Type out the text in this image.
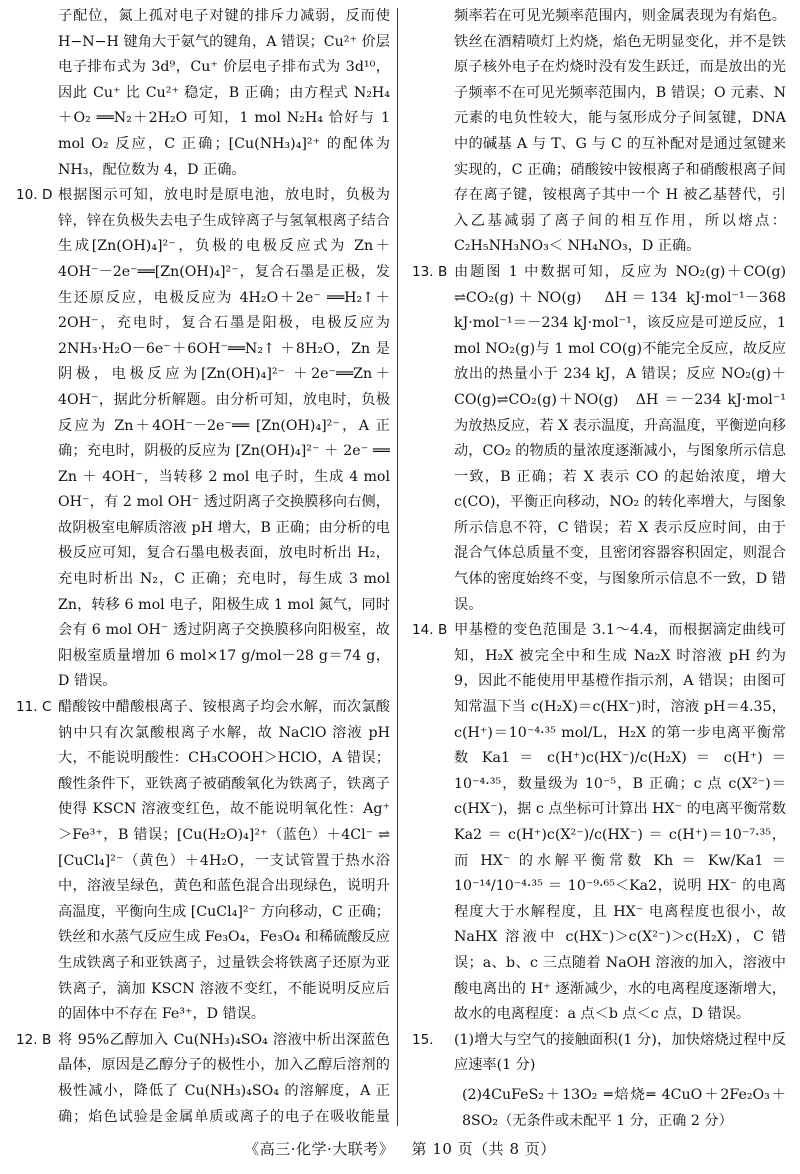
子配位，氮上孤对电子对键的排斥力减弱，反而使 H−N−H 键角大于氨气的键角，A 错误；Cu²⁺ 价层电子排布式为 3d⁹，Cu⁺ 价层电子排布式为 3d¹⁰，因此 Cu⁺ 比 Cu²⁺ 稳定，B 正确；由方程式 N₂H₄＋O₂ ══N₂＋2H₂O 可知，1 mol N₂H₄ 恰好与 1 mol O₂ 反应，C 正确；[Cu(NH₃)₄]²⁺ 的配体为 NH₃，配位数为 4，D 正确。

10. D 根据图示可知，放电时是原电池，放电时，负极为锌，锌在负极失去电子生成锌离子与氢氧根离子结合生成[Zn(OH)₄]²⁻，负极的电极反应式为 Zn＋4OH⁻－2e⁻══[Zn(OH)₄]²⁻，复合石墨是正极，发生还原反应，电极反应为 4H₂O＋2e⁻ ══H₂↑＋2OH⁻，充电时，复合石墨是阳极，电极反应为 2NH₃·H₂O－6e⁻＋6OH⁻══N₂↑ ＋8H₂O，Zn 是阴极，电极反应为[Zn(OH)₄]²⁻ ＋2e⁻══Zn＋4OH⁻，据此分析解题。由分析可知，放电时，负极反应为 Zn＋4OH⁻－2e⁻══ [Zn(OH)₄]²⁻，A 正确；充电时，阴极的反应为 [Zn(OH)₄]²⁻ ＋ 2e⁻ ══ Zn ＋ 4OH⁻，当转移 2 mol 电子时，生成 4 mol OH⁻，有 2 mol OH⁻ 透过阴离子交换膜移向右侧，故阴极室电解质溶液 pH 增大，B 正确；由分析的电极反应可知，复合石墨电极表面，放电时析出 H₂，充电时析出 N₂，C 正确；充电时，每生成 3 mol Zn，转移 6 mol 电子，阳极生成 1 mol 氮气，同时会有 6 mol OH⁻ 透过阴离子交换膜移向阳极室，故阳极室质量增加 6 mol×17 g/mol－28 g＝74 g，D 错误。

11. C 醋酸铵中醋酸根离子、铵根离子均会水解，而次氯酸钠中只有次氯酸根离子水解，故 NaClO 溶液 pH 大，不能说明酸性：CH₃COOH＞HClO，A 错误；酸性条件下，亚铁离子被硝酸氧化为铁离子，铁离子使得 KSCN 溶液变红色，故不能说明氧化性：Ag⁺＞Fe³⁺，B 错误；[Cu(H₂O)₄]²⁺（蓝色）＋4Cl⁻ ⇌ [CuCl₄]²⁻（黄色）＋4H₂O，一支试管置于热水浴中，溶液呈绿色，黄色和蓝色混合出现绿色，说明升高温度，平衡向生成 [CuCl₄]²⁻ 方向移动，C 正确；铁丝和水蒸气反应生成 Fe₃O₄，Fe₃O₄ 和稀硫酸反应生成铁离子和亚铁离子，过量铁会将铁离子还原为亚铁离子，滴加 KSCN 溶液不变红，不能说明反应后的固体中不存在 Fe³⁺，D 错误。

12. B 将 95%乙醇加入 Cu(NH₃)₄SO₄ 溶液中析出深蓝色晶体，原因是乙醇分子的极性小，加入乙醇后溶剂的极性减小，降低了 Cu(NH₃)₄SO₄ 的溶解度，A 正确；焰色试验是金属单质或离子的电子在吸收能量

频率若在可见光频率范围内，则金属表现为有焰色。铁丝在酒精喷灯上灼烧，焰色无明显变化，并不是铁原子核外电子在灼烧时没有发生跃迁，而是放出的光子频率不在可见光频率范围内，B 错误；O 元素、N 元素的电负性较大，能与氢形成分子间氢键，DNA 中的碱基 A 与 T、G 与 C 的互补配对是通过氢键来实现的，C 正确；硝酸铵中铵根离子和硝酸根离子间存在离子键，铵根离子其中一个 H 被乙基替代，引入乙基减弱了离子间的相互作用，所以熔点：C₂H₅NH₃NO₃＜ NH₄NO₃，D 正确。

13. B 由题图 1 中数据可知，反应为 NO₂(g)＋CO(g) ⇌CO₂(g)＋NO(g)　ΔH＝134 kJ·mol⁻¹－368 kJ·mol⁻¹＝－234 kJ·mol⁻¹，该反应是可逆反应，1 mol NO₂(g)与 1 mol CO(g)不能完全反应，故反应放出的热量小于 234 kJ，A 错误；反应 NO₂(g)＋CO(g)⇌CO₂(g)＋NO(g)　ΔH ＝－234 kJ·mol⁻¹ 为放热反应，若 X 表示温度，升高温度，平衡逆向移动，CO₂ 的物质的量浓度逐渐减小，与图象所示信息一致，B 正确；若 X 表示 CO 的起始浓度，增大 c(CO)，平衡正向移动，NO₂ 的转化率增大，与图象所示信息不符，C 错误；若 X 表示反应时间，由于混合气体总质量不变，且密闭容器容积固定，则混合气体的密度始终不变，与图象所示信息不一致，D 错误。

14. B 甲基橙的变色范围是 3.1～4.4，而根据滴定曲线可知，H₂X 被完全中和生成 Na₂X 时溶液 pH 约为 9，因此不能使用甲基橙作指示剂，A 错误；由图可知常温下当 c(H₂X)＝c(HX⁻)时，溶液 pH＝4.35，c(H⁺)＝10⁻⁴·³⁵ mol/L，H₂X 的第一步电离平衡常数 Ka1 ＝ c(H⁺)c(HX⁻)/c(H₂X) ＝ c(H⁺) ＝10⁻⁴·³⁵，数量级为 10⁻⁵，B 正确；c 点 c(X²⁻)＝ c(HX⁻)，据 c 点坐标可计算出 HX⁻ 的电离平衡常数 Ka2 ＝ c(H⁺)c(X²⁻)/c(HX⁻) ＝ c(H⁺)＝10⁻⁷·³⁵，而 HX⁻ 的水解平衡常数 Kh ＝ Kw/Ka1 ＝ 10⁻¹⁴/10⁻⁴·³⁵ ＝ 10⁻⁹·⁶⁵＜Ka2，说明 HX⁻ 的电离程度大于水解程度，且 HX⁻ 电离程度也很小，故 NaHX 溶液中 c(HX⁻)＞c(X²⁻)＞c(H₂X)，C 错误；a、b、c 三点随着 NaOH 溶液的加入，溶液中酸电离出的 H⁺ 逐渐减少，水的电离程度逐渐增大，故水的电离程度：a 点＜b 点＜c 点，D 错误。

15.	(1)增大与空气的接触面积(1 分)，加快熔烧过程中反应速率(1 分)

(2)4CuFeS₂＋13O₂ ═焙烧═ 4CuO＋2Fe₂O₃＋8SO₂（无条件或未配平 1 分，正确 2 分）

《高三·化学·大联考》 第 10 页（共 8 页）
